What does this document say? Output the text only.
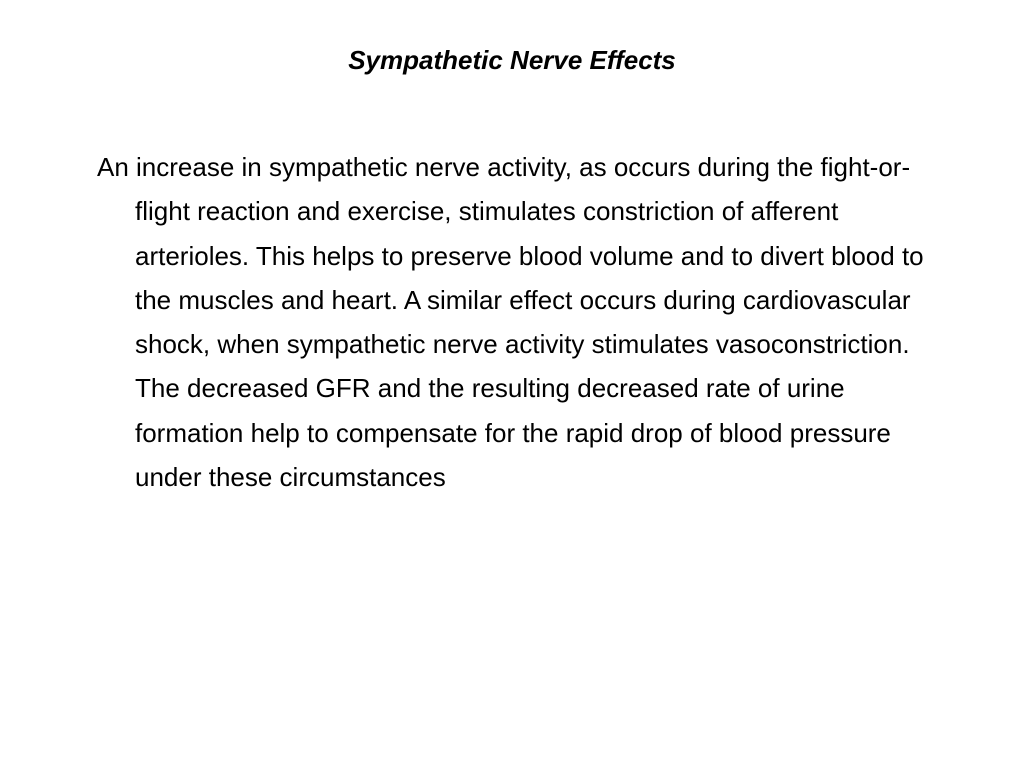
Sympathetic Nerve Effects

An increase in sympathetic nerve activity, as occurs during the fight-or-flight reaction and exercise, stimulates constriction of afferent arterioles. This helps to preserve blood volume and to divert blood to the muscles and heart. A similar effect occurs during cardiovascular shock, when sympathetic nerve activity stimulates vasoconstriction. The decreased GFR and the resulting decreased rate of urine formation help to compensate for the rapid drop of blood pressure under these circumstances
